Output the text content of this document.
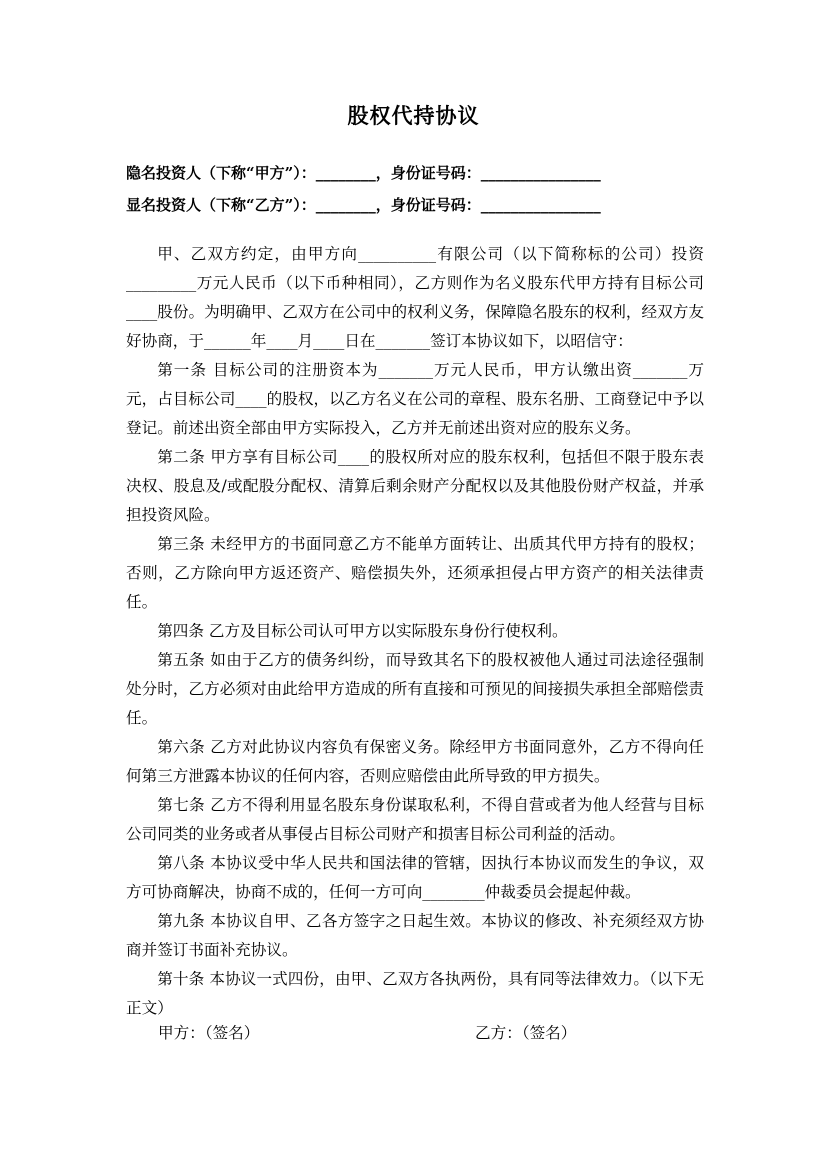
股权代持协议
隐名投资人（下称“甲方”）：________，身份证号码：________________
显名投资人（下称“乙方”）：________，身份证号码：________________

甲、乙双方约定，由甲方向__________有限公司（以下简称标的公司）投资_________万元人民币（以下币种相同），乙方则作为名义股东代甲方持有目标公司____股份。为明确甲、乙双方在公司中的权利义务，保障隐名股东的权利，经双方友好协商，于______年____月____日在_______签订本协议如下，以昭信守：

第一条 目标公司的注册资本为_______万元人民币，甲方认缴出资_______万元，占目标公司____的股权，以乙方名义在公司的章程、股东名册、工商登记中予以登记。前述出资全部由甲方实际投入，乙方并无前述出资对应的股东义务。

第二条 甲方享有目标公司____的股权所对应的股东权利，包括但不限于股东表决权、股息及/或配股分配权、清算后剩余财产分配权以及其他股份财产权益，并承担投资风险。

第三条 未经甲方的书面同意乙方不能单方面转让、出质其代甲方持有的股权；否则，乙方除向甲方返还资产、赔偿损失外，还须承担侵占甲方资产的相关法律责任。

第四条 乙方及目标公司认可甲方以实际股东身份行使权利。

第五条 如由于乙方的债务纠纷，而导致其名下的股权被他人通过司法途径强制处分时，乙方必须对由此给甲方造成的所有直接和可预见的间接损失承担全部赔偿责任。

第六条 乙方对此协议内容负有保密义务。除经甲方书面同意外，乙方不得向任何第三方泄露本协议的任何内容，否则应赔偿由此所导致的甲方损失。

第七条 乙方不得利用显名股东身份谋取私利，不得自营或者为他人经营与目标公司同类的业务或者从事侵占目标公司财产和损害目标公司利益的活动。

第八条 本协议受中华人民共和国法律的管辖，因执行本协议而发生的争议，双方可协商解决，协商不成的，任何一方可向________仲裁委员会提起仲裁。

第九条 本协议自甲、乙各方签字之日起生效。本协议的修改、补充须经双方协商并签订书面补充协议。

第十条 本协议一式四份，由甲、乙双方各执两份，具有同等法律效力。（以下无正文）

甲方：（签名）	乙方：（签名）
